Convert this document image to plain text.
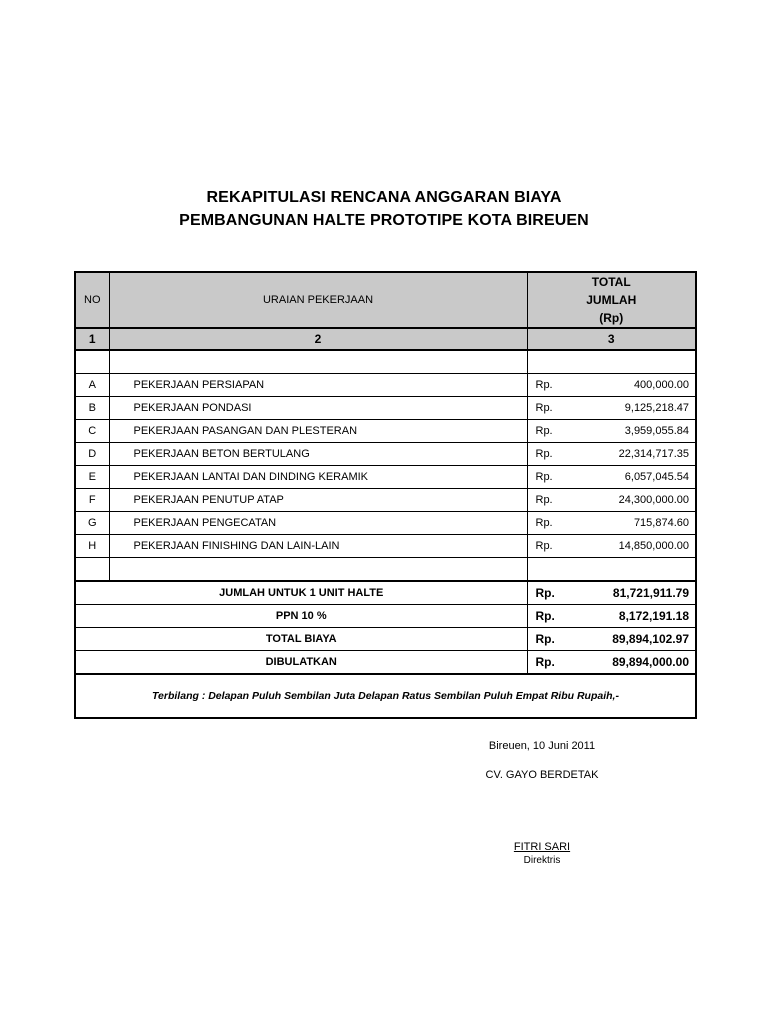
REKAPITULASI RENCANA ANGGARAN BIAYA
PEMBANGUNAN HALTE PROTOTIPE KOTA BIREUEN
NO	URAIAN PEKERJAAN	TOTAL
JUMLAH
(Rp)

1	2	3

A	PEKERJAAN PERSIAPAN	Rp. 400,000.00

B	PEKERJAAN PONDASI	Rp. 9,125,218.47

C	PEKERJAAN PASANGAN DAN PLESTERAN	Rp. 3,959,055.84

D	PEKERJAAN BETON BERTULANG	Rp. 22,314,717.35

E	PEKERJAAN LANTAI DAN DINDING KERAMIK	Rp. 6,057,045.54

F	PEKERJAAN PENUTUP ATAP	Rp. 24,300,000.00

G	PEKERJAAN PENGECATAN	Rp. 715,874.60

H	PEKERJAAN FINISHING DAN LAIN-LAIN	Rp. 14,850,000.00

JUMLAH UNTUK 1 UNIT HALTE		Rp. 81,721,911.79

PPN 10 %		Rp. 8,172,191.18

TOTAL BIAYA		Rp. 89,894,102.97

DIBULATKAN		Rp. 89,894,000.00

Terbilang : Delapan Puluh Sembilan Juta Delapan Ratus Sembilan Puluh Empat Ribu Rupaih,-		
Bireuen, 10 Juni 2011
CV. GAYO BERDETAK
FITRI SARI
Direktris
